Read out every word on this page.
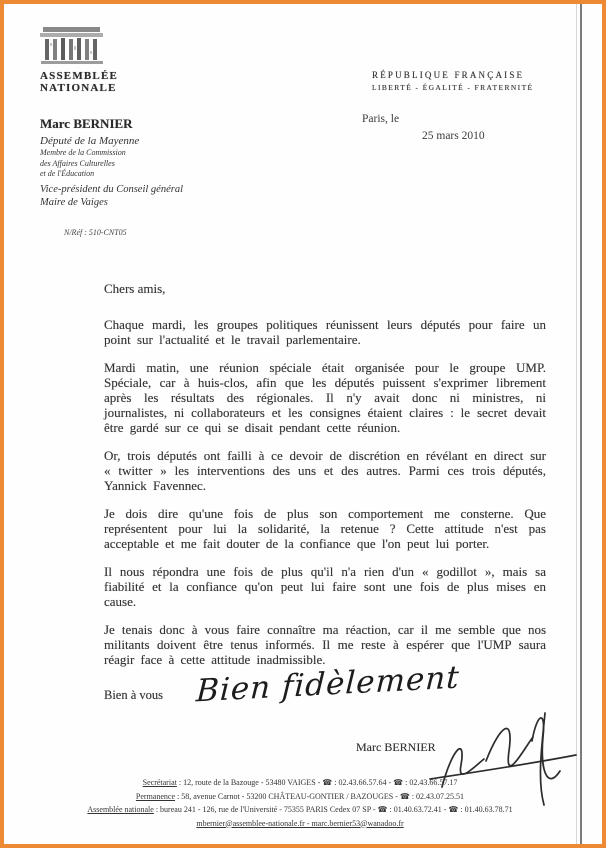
ASSEMBLÉE
NATIONALE
RÉPUBLIQUE FRANÇAISE
LIBERTÉ - ÉGALITÉ - FRATERNITÉ
Paris, le
25 mars 2010
Marc BERNIER
Député de la Mayenne
Membre de la Commission
des Affaires Culturelles
et de l'Éducation
Vice-président du Conseil général
Maire de Vaiges
N/Réf : 510-CNT05
Chers amis,

Chaque mardi, les groupes politiques réunissent leurs députés pour faire un point sur l'actualité et le travail parlementaire.

Mardi matin, une réunion spéciale était organisée pour le groupe UMP. Spéciale, car à huis-clos, afin que les députés puissent s'exprimer librement après les résultats des régionales. Il n'y avait donc ni ministres, ni journalistes, ni collaborateurs et les consignes étaient claires : le secret devait être gardé sur ce qui se disait pendant cette réunion.

Or, trois députés ont failli à ce devoir de discrétion en révélant en direct sur « twitter » les interventions des uns et des autres. Parmi ces trois députés, Yannick Favennec.

Je dois dire qu'une fois de plus son comportement me consterne. Que représentent pour lui la solidarité, la retenue ? Cette attitude n'est pas acceptable et me fait douter de la confiance que l'on peut lui porter.

Il nous répondra une fois de plus qu'il n'a rien d'un « godillot », mais sa fiabilité et la confiance qu'on peut lui faire sont une fois de plus mises en cause.

Je tenais donc à vous faire connaître ma réaction, car il me semble que nos militants doivent être tenus informés. Il me reste à espérer que l'UMP saura réagir face à cette attitude inadmissible.

Bien à vous Bien fidèlement
Marc BERNIER
Secrétariat : 12, route de la Bazouge - 53480 VAIGES - ☎ : 02.43.66.57.64 - ☎ : 02.43.66.57.17
Permanence : 58, avenue Carnot - 53200 CHÂTEAU-GONTIER / BAZOUGES - ☎ : 02.43.07.25.51
Assemblée nationale : bureau 241 - 126, rue de l'Université - 75355 PARIS Cedex 07 SP - ☎ : 01.40.63.72.41 - ☎ : 01.40.63.78.71
mbernier@assemblee-nationale.fr - marc.bernier53@wanadoo.fr
